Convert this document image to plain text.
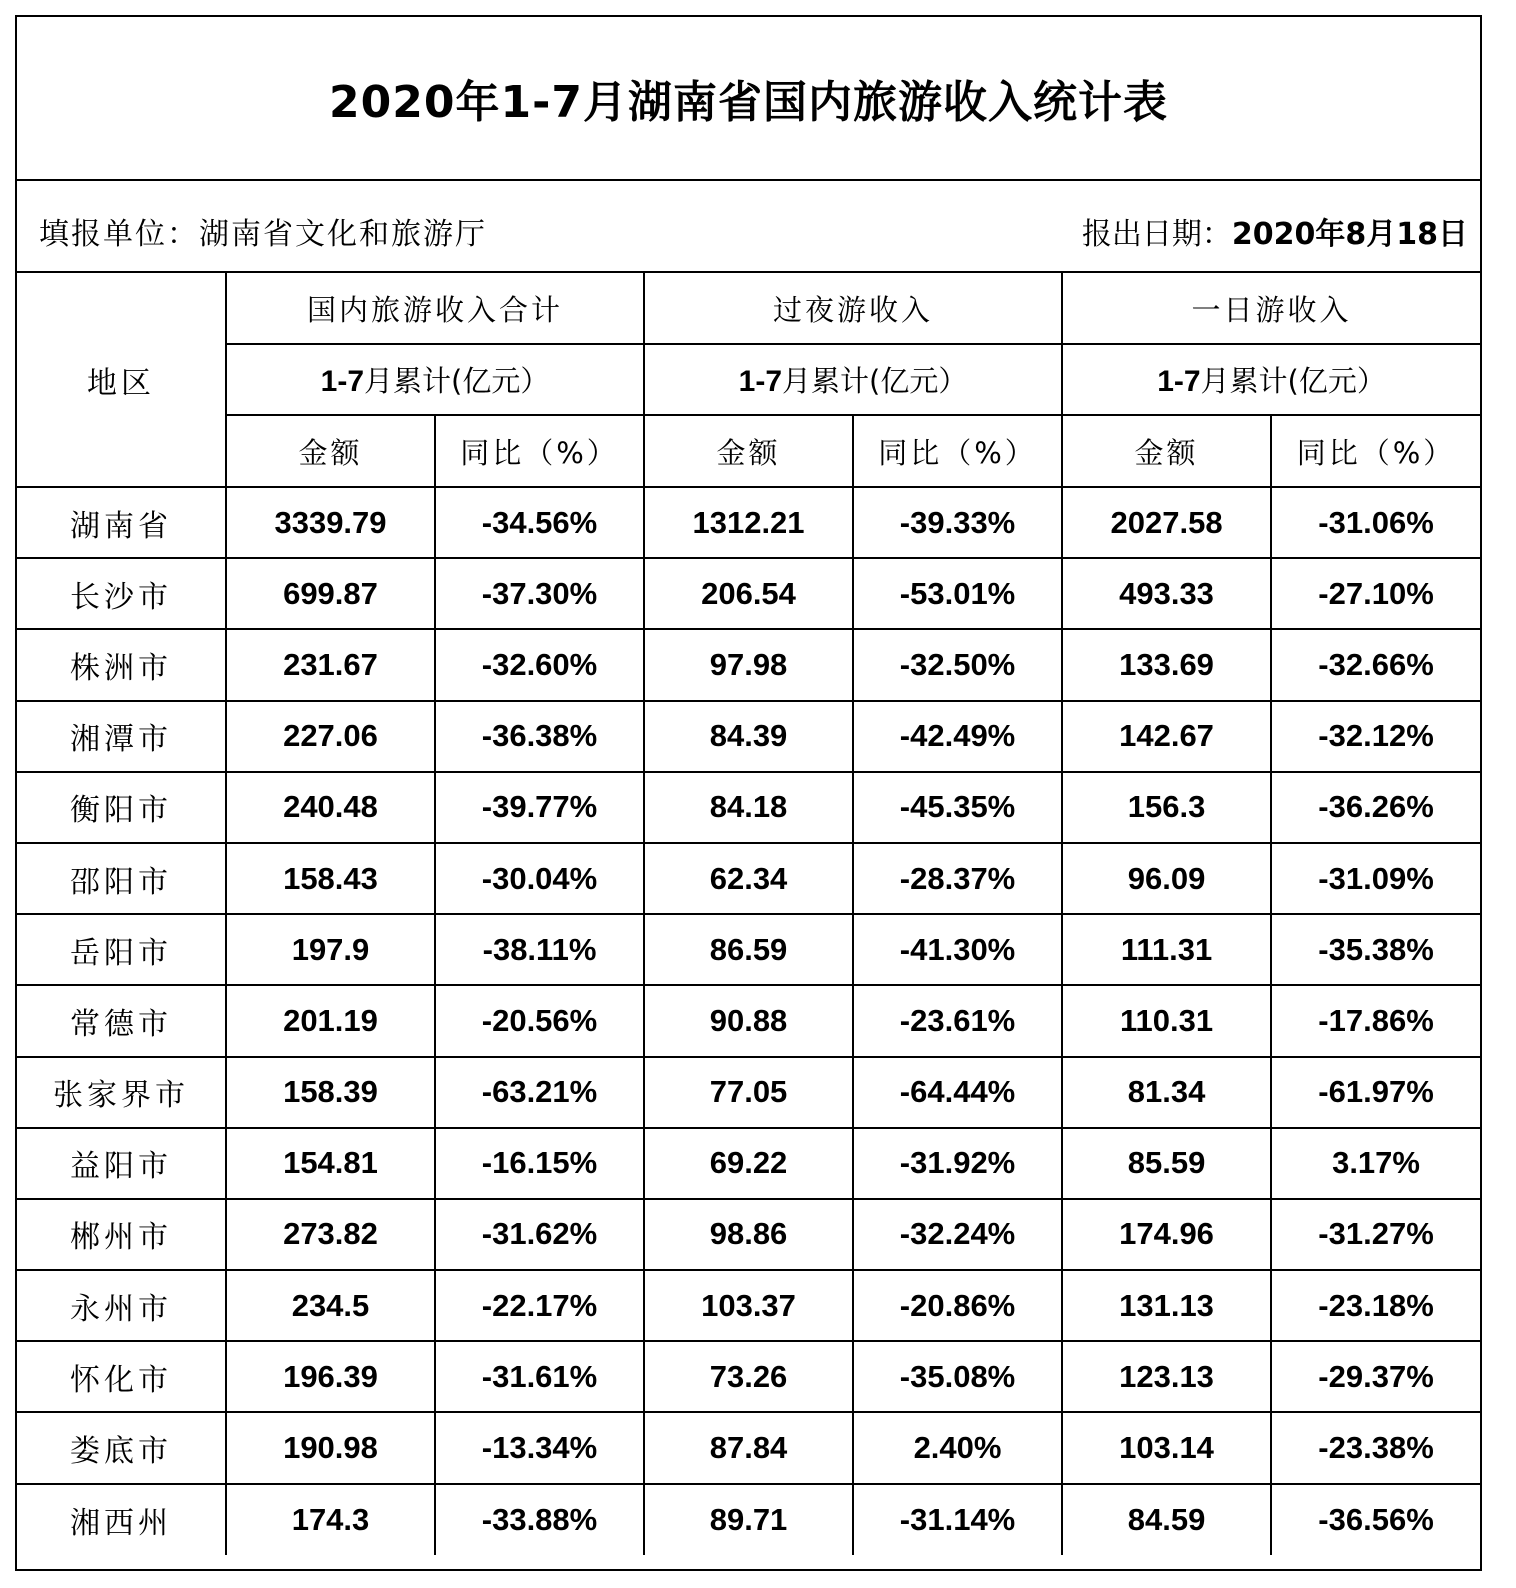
2020年1-7月湖南省国内旅游收入统计表
填报单位：湖南省文化和旅游厅	报出日期：2020年8月18日
地区	国内旅游收入合计		过夜游收入		一日游收入	
	1-7月累计(亿元）		1-7月累计(亿元）		1-7月累计(亿元）	
	金额	同比（%）	金额	同比（%）	金额	同比（%）
湖南省	3339.79	-34.56%	1312.21	-39.33%	2027.58	-31.06%
长沙市	699.87	-37.30%	206.54	-53.01%	493.33	-27.10%
株洲市	231.67	-32.60%	97.98	-32.50%	133.69	-32.66%
湘潭市	227.06	-36.38%	84.39	-42.49%	142.67	-32.12%
衡阳市	240.48	-39.77%	84.18	-45.35%	156.3	-36.26%
邵阳市	158.43	-30.04%	62.34	-28.37%	96.09	-31.09%
岳阳市	197.9	-38.11%	86.59	-41.30%	111.31	-35.38%
常德市	201.19	-20.56%	90.88	-23.61%	110.31	-17.86%
张家界市	158.39	-63.21%	77.05	-64.44%	81.34	-61.97%
益阳市	154.81	-16.15%	69.22	-31.92%	85.59	3.17%
郴州市	273.82	-31.62%	98.86	-32.24%	174.96	-31.27%
永州市	234.5	-22.17%	103.37	-20.86%	131.13	-23.18%
怀化市	196.39	-31.61%	73.26	-35.08%	123.13	-29.37%
娄底市	190.98	-13.34%	87.84	2.40%	103.14	-23.38%
湘西州	174.3	-33.88%	89.71	-31.14%	84.59	-36.56%
